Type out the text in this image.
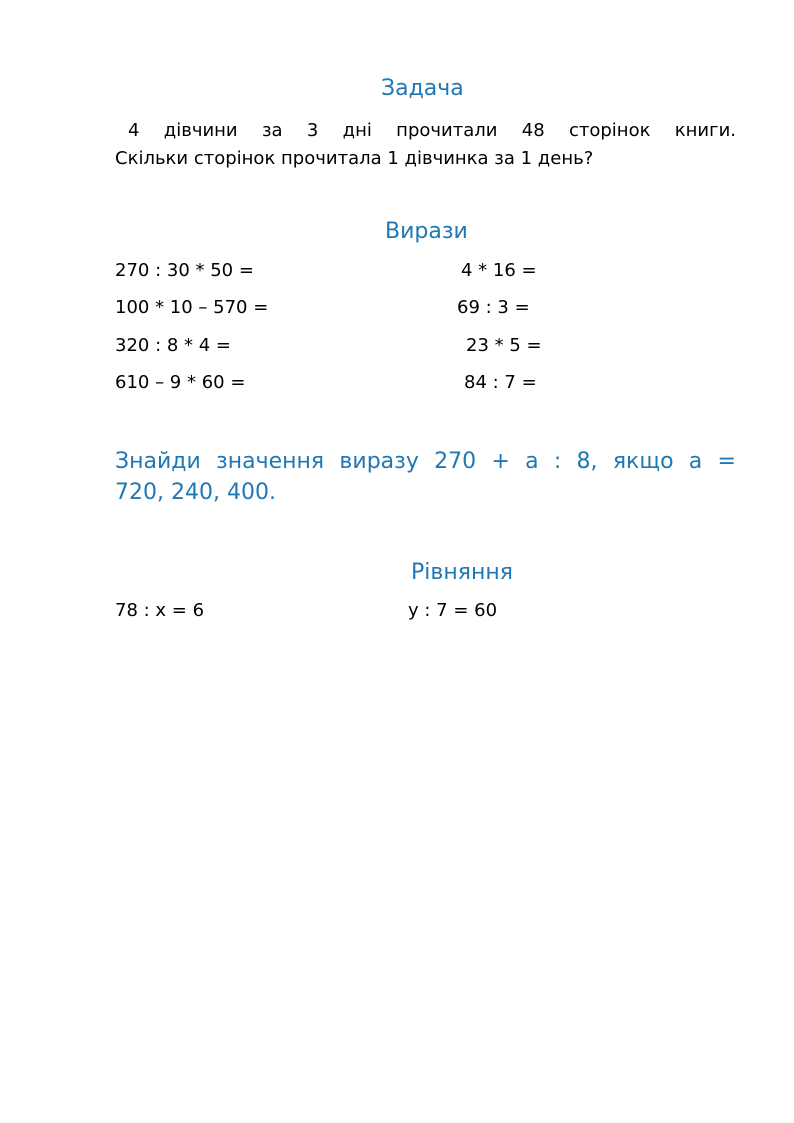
Задача
4 дівчини за 3 дні прочитали 48 сторінок книги.
Скільки сторінок прочитала 1 дівчинка за 1 день?
Вирази
270 : 30 * 50 =
100 * 10 – 570 =
320 : 8 * 4 =
610 – 9 * 60 =
4 * 16 =
69 : 3 =
23 * 5 =
84 : 7 =
Знайди значення виразу 270 + а : 8, якщо а =
720, 240, 400.
Рівняння
78 : х = 6	у : 7 = 60
